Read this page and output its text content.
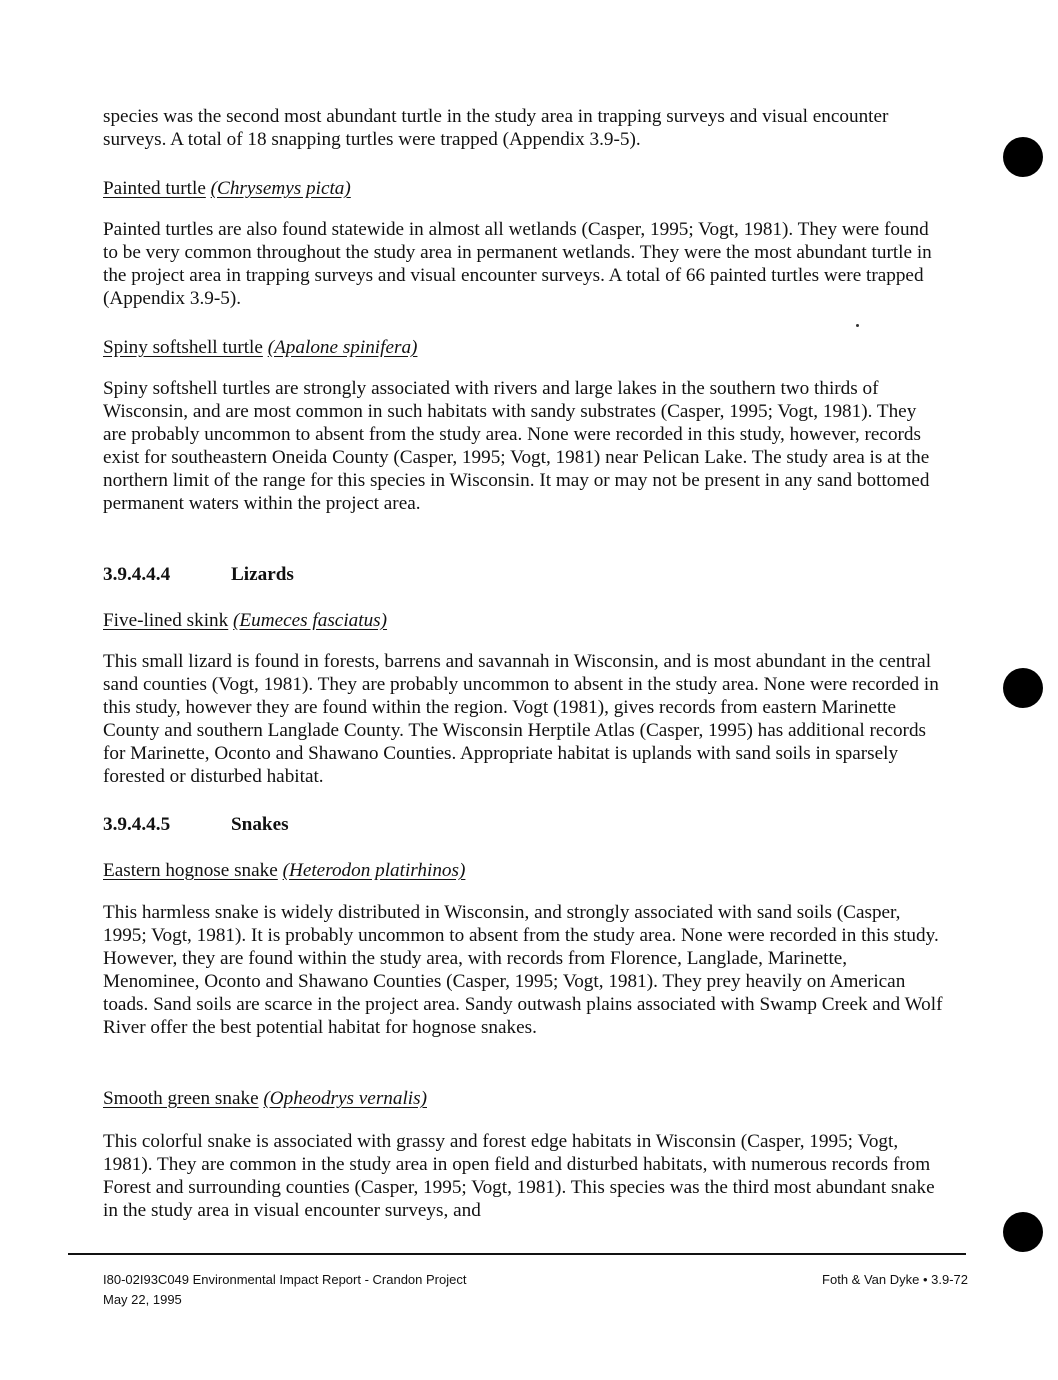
species was the second most abundant turtle in the study area in trapping surveys and visual encounter surveys. A total of 18 snapping turtles were trapped (Appendix 3.9-5).

Painted turtle (Chrysemys picta)

Painted turtles are also found statewide in almost all wetlands (Casper, 1995; Vogt, 1981). They were found to be very common throughout the study area in permanent wetlands. They were the most abundant turtle in the project area in trapping surveys and visual encounter surveys. A total of 66 painted turtles were trapped (Appendix 3.9-5).

Spiny softshell turtle (Apalone spinifera)

Spiny softshell turtles are strongly associated with rivers and large lakes in the southern two thirds of Wisconsin, and are most common in such habitats with sandy substrates (Casper, 1995; Vogt, 1981). They are probably uncommon to absent from the study area. None were recorded in this study, however, records exist for southeastern Oneida County (Casper, 1995; Vogt, 1981) near Pelican Lake. The study area is at the northern limit of the range for this species in Wisconsin. It may or may not be present in any sand bottomed permanent waters within the project area.

3.9.4.4.4	Lizards
Five-lined skink (Eumeces fasciatus)

This small lizard is found in forests, barrens and savannah in Wisconsin, and is most abundant in the central sand counties (Vogt, 1981). They are probably uncommon to absent in the study area. None were recorded in this study, however they are found within the region. Vogt (1981), gives records from eastern Marinette County and southern Langlade County. The Wisconsin Herptile Atlas (Casper, 1995) has additional records for Marinette, Oconto and Shawano Counties. Appropriate habitat is uplands with sand soils in sparsely forested or disturbed habitat.

3.9.4.4.5	Snakes
Eastern hognose snake (Heterodon platirhinos)

This harmless snake is widely distributed in Wisconsin, and strongly associated with sand soils (Casper, 1995; Vogt, 1981). It is probably uncommon to absent from the study area. None were recorded in this study. However, they are found within the study area, with records from Florence, Langlade, Marinette, Menominee, Oconto and Shawano Counties (Casper, 1995; Vogt, 1981). They prey heavily on American toads. Sand soils are scarce in the project area. Sandy outwash plains associated with Swamp Creek and Wolf River offer the best potential habitat for hognose snakes.

Smooth green snake (Opheodrys vernalis)

This colorful snake is associated with grassy and forest edge habitats in Wisconsin (Casper, 1995; Vogt, 1981). They are common in the study area in open field and disturbed habitats, with numerous records from Forest and surrounding counties (Casper, 1995; Vogt, 1981). This species was the third most abundant snake in the study area in visual encounter surveys, and

I80-02I93C049 Environmental Impact Report - Crandon Project
May 22, 1995
Foth & Van Dyke • 3.9-72
